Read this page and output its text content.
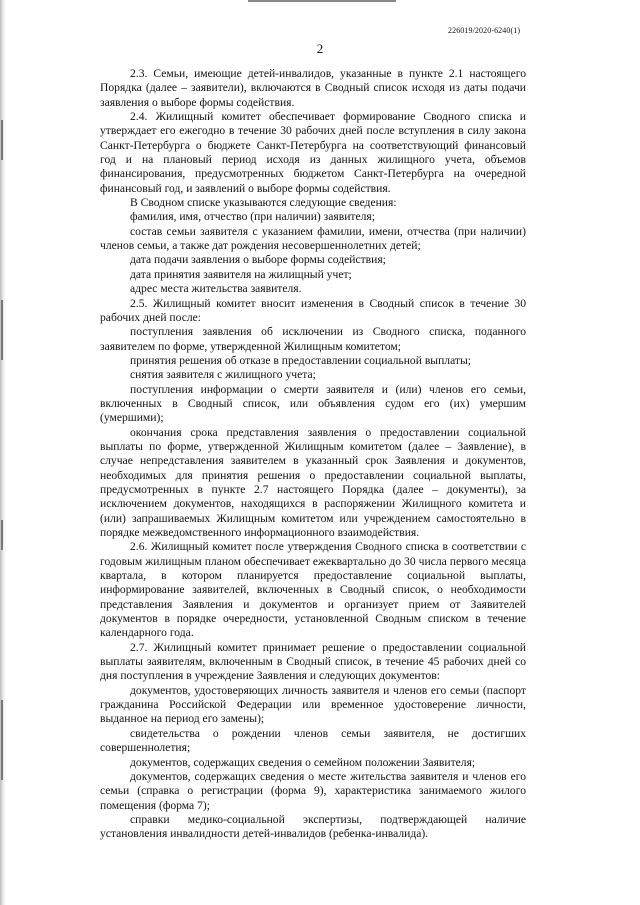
226019/2020-6240(1)
2

2.3. Семьи, имеющие детей-инвалидов, указанные в пункте 2.1 настоящего Порядка (далее – заявители), включаются в Сводный список исходя из даты подачи заявления о выборе формы содействия.

2.4. Жилищный комитет обеспечивает формирование Сводного списка и утверждает его ежегодно в течение 30 рабочих дней после вступления в силу закона Санкт-Петербурга о бюджете Санкт-Петербурга на соответствующий финансовый год и на плановый период исходя из данных жилищного учета, объемов финансирования, предусмотренных бюджетом Санкт-Петербурга на очередной финансовый год, и заявлений о выборе формы содействия.

В Сводном списке указываются следующие сведения:

фамилия, имя, отчество (при наличии) заявителя;

состав семьи заявителя с указанием фамилии, имени, отчества (при наличии) членов семьи, а также дат рождения несовершеннолетних детей;

дата подачи заявления о выборе формы содействия;

дата принятия заявителя на жилищный учет;

адрес места жительства заявителя.

2.5. Жилищный комитет вносит изменения в Сводный список в течение 30 рабочих дней после:

поступления заявления об исключении из Сводного списка, поданного заявителем по форме, утвержденной Жилищным комитетом;

принятия решения об отказе в предоставлении социальной выплаты;

снятия заявителя с жилищного учета;

поступления информации о смерти заявителя и (или) членов его семьи, включенных в Сводный список, или объявления судом его (их) умершим (умершими);

окончания срока представления заявления о предоставлении социальной выплаты по форме, утвержденной Жилищным комитетом (далее – Заявление), в случае непредставления заявителем в указанный срок Заявления и документов, необходимых для принятия решения о предоставлении социальной выплаты, предусмотренных в пункте 2.7 настоящего Порядка (далее – документы), за исключением документов, находящихся в распоряжении Жилищного комитета и (или) запрашиваемых Жилищным комитетом или учреждением самостоятельно в порядке межведомственного информационного взаимодействия.

2.6. Жилищный комитет после утверждения Сводного списка в соответствии с годовым жилищным планом обеспечивает ежеквартально до 30 числа первого месяца квартала, в котором планируется предоставление социальной выплаты, информирование заявителей, включенных в Сводный список, о необходимости представления Заявления и документов и организует прием от Заявителей документов в порядке очередности, установленной Сводным списком в течение календарного года.

2.7. Жилищный комитет принимает решение о предоставлении социальной выплаты заявителям, включенным в Сводный список, в течение 45 рабочих дней со дня поступления в учреждение Заявления и следующих документов:

документов, удостоверяющих личность заявителя и членов его семьи (паспорт гражданина Российской Федерации или временное удостоверение личности, выданное на период его замены);

свидетельства о рождении членов семьи заявителя, не достигших совершеннолетия;

документов, содержащих сведения о семейном положении Заявителя;

документов, содержащих сведения о месте жительства заявителя и членов его семьи (справка о регистрации (форма 9), характеристика занимаемого жилого помещения (форма 7);

справки медико-социальной экспертизы, подтверждающей наличие установления инвалидности детей-инвалидов (ребенка-инвалида).
